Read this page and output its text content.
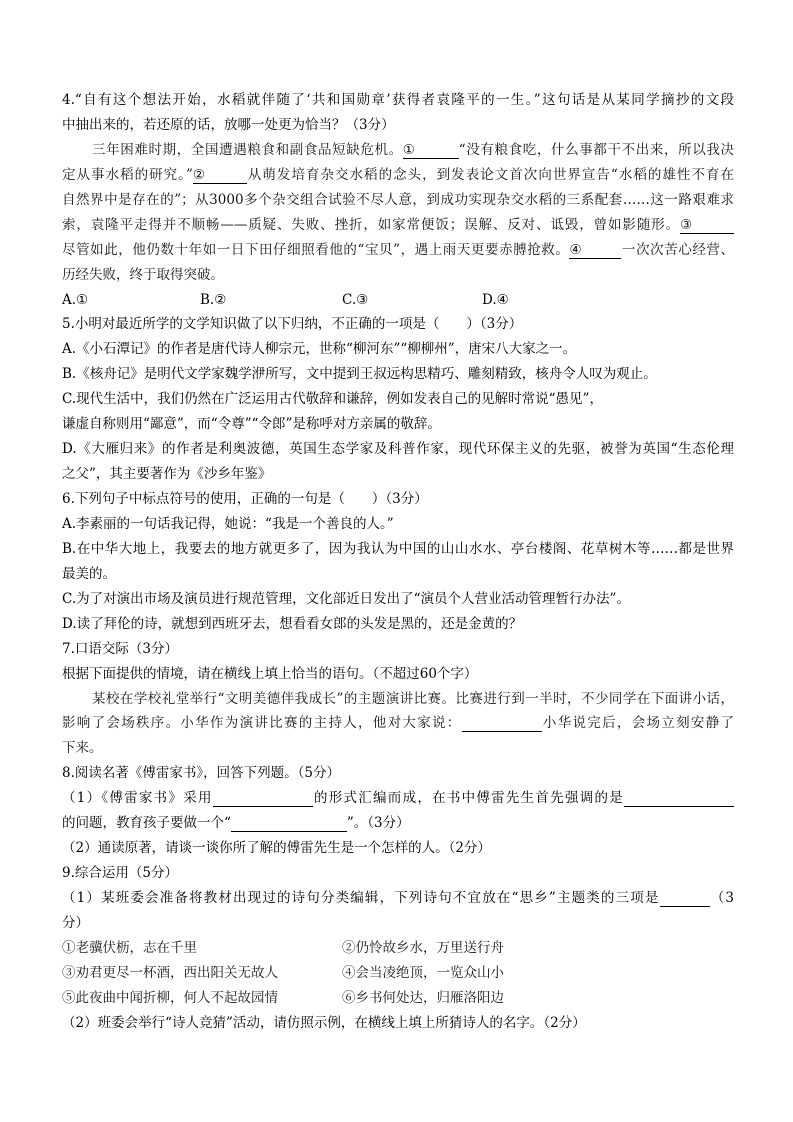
4.“自有这个想法开始，水稻就伴随了‘共和国勋章’获得者袁隆平的一生。”这句话是从某同学摘抄的文段
中抽出来的，若还原的话，放哪一处更为恰当？（3分）
三年困难时期，全国遭遇粮食和副食品短缺危机。①	“没有粮食吃，什么事都干不出来，所以我决
定从事水稻的研究。”②	从萌发培育杂交水稻的念头，到发表论文首次向世界宣告“水稻的雄性不育在
自然界中是存在的”；从3000多个杂交组合试验不尽人意，到成功实现杂交水稻的三系配套……这一路艰难求
索，袁隆平走得并不顺畅——质疑、失败、挫折，如家常便饭；误解、反对、诋毁，曾如影随形。③
尽管如此，他仍数十年如一日下田仔细照看他的“宝贝”，遇上雨天更要赤膊抢救。④	一次次苦心经营、
历经失败，终于取得突破。
A.①	B.②	C.③	D.④
5.小明对最近所学的文学知识做了以下归纳，不正确的一项是（　　）（3分）
A.《小石潭记》的作者是唐代诗人柳宗元，世称“柳河东”“柳柳州”，唐宋八大家之一。
B.《核舟记》是明代文学家魏学洢所写，文中提到王叔远构思精巧、雕刻精致，核舟令人叹为观止。
C.现代生活中，我们仍然在广泛运用古代敬辞和谦辞，例如发表自己的见解时常说“愚见”，
谦虚自称则用“鄙意”，而“令尊”“令郎”是称呼对方亲属的敬辞。
D.《大雁归来》的作者是利奥波德，英国生态学家及科普作家，现代环保主义的先驱，被誉为英国“生态伦理
之父”，其主要著作为《沙乡年鉴》
6.下列句子中标点符号的使用，正确的一句是（　　）（3分）
A.李素丽的一句话我记得，她说：“我是一个善良的人。”
B.在中华大地上，我要去的地方就更多了，因为我认为中国的山山水水、亭台楼阁、花草树木等……都是世界
最美的。
C.为了对演出市场及演员进行规范管理，文化部近日发出了“演员个人营业活动管理暂行办法”。
D.读了拜伦的诗，就想到西班牙去，想看看女郎的头发是黑的，还是金黄的？
7.口语交际（3分）
根据下面提供的情境，请在横线上填上恰当的语句。（不超过60个字）
某校在学校礼堂举行“文明美德伴我成长”的主题演讲比赛。比赛进行到一半时，不少同学在下面讲小话，
影响了会场秩序。小华作为演讲比赛的主持人，他对大家说：	小华说完后，会场立刻安静了
下来。
8.阅读名著《傅雷家书》，回答下列题。（5分）
（1）《傅雷家书》采用	的形式汇编而成，在书中傅雷先生首先强调的是
的问题，教育孩子要做一个“	”。（3分）
（2）通读原著，请谈一谈你所了解的傅雷先生是一个怎样的人。（2分）
9.综合运用（5分）
（1）某班委会准备将教材出现过的诗句分类编辑，下列诗句不宜放在“思乡”主题类的三项是	（3
分）
①老骥伏枥，志在千里	②仍怜故乡水，万里送行舟
③劝君更尽一杯酒，西出阳关无故人	④会当凌绝顶，一览众山小
⑤此夜曲中闻折柳，何人不起故园情	⑥乡书何处达，归雁洛阳边
（2）班委会举行“诗人竞猜”活动，请仿照示例，在横线上填上所猜诗人的名字。（2分）
